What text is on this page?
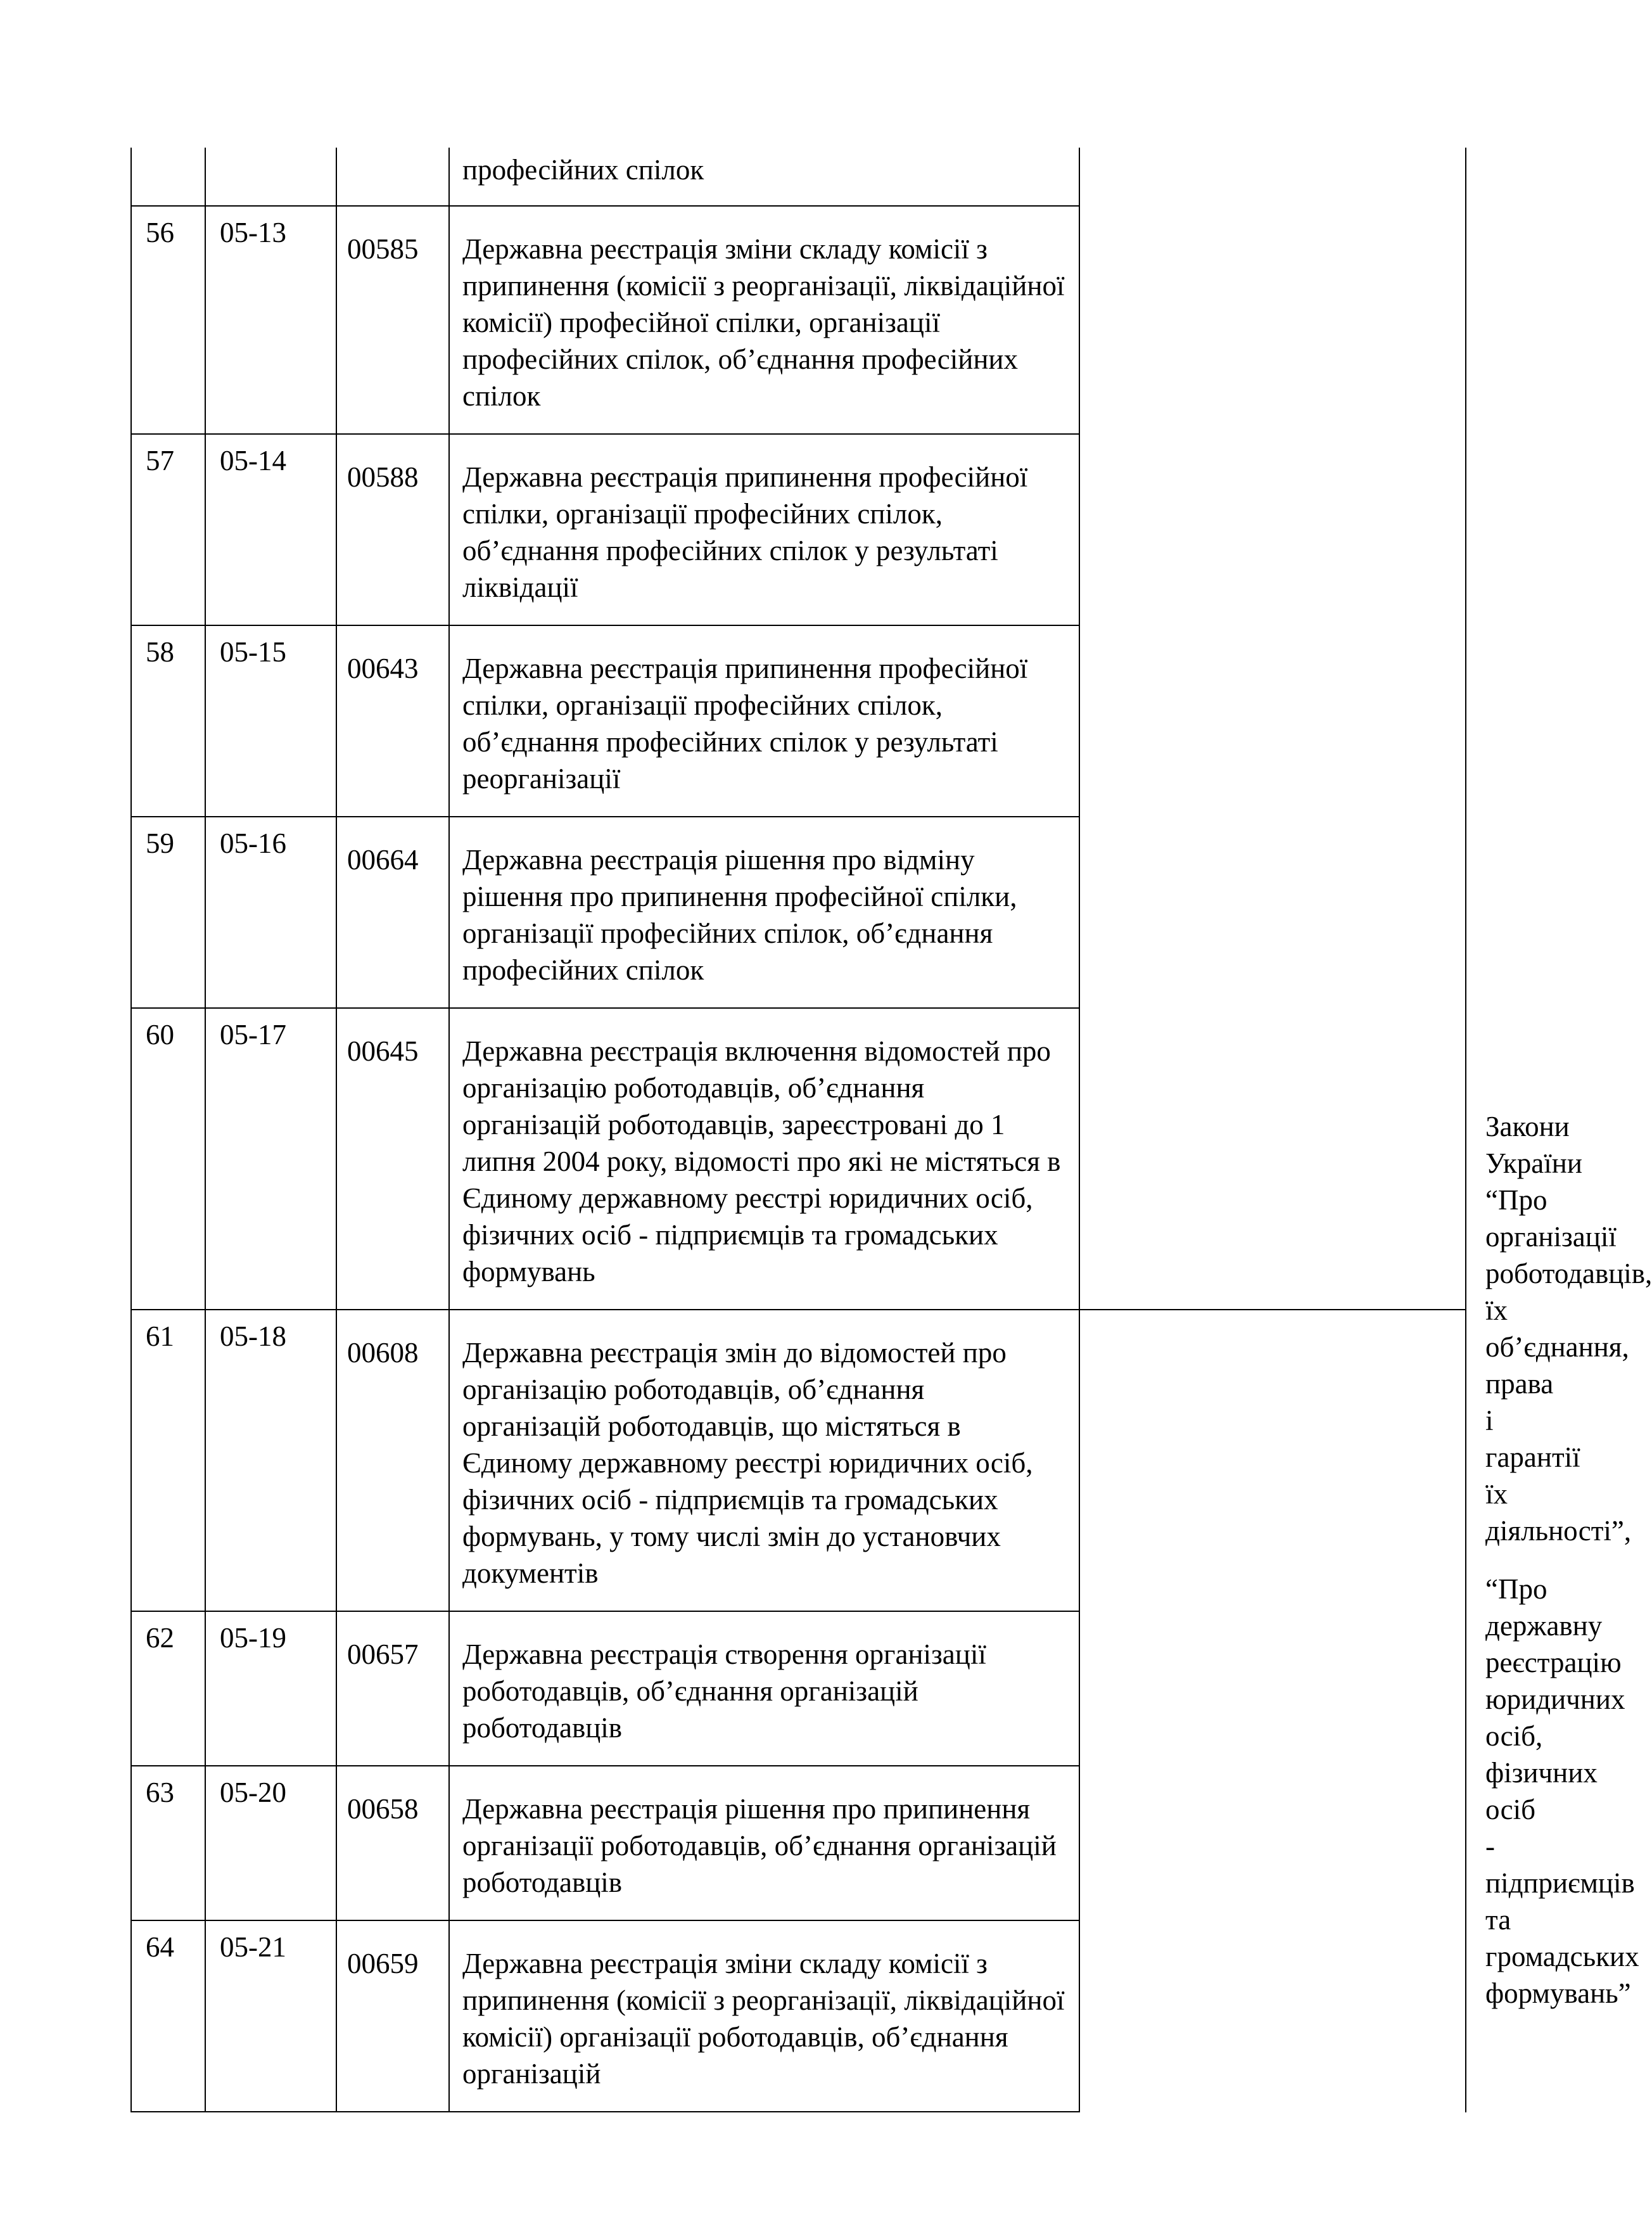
			професійних спілок		
56	05-13	00585	Державна реєстрація зміни складу комісії з припинення (комісії з реорганізації, ліквідаційної комісії) професійної спілки, організації професійних спілок, об’єднання професійних спілок		
57	05-14	00588	Державна реєстрація припинення професійної спілки, організації професійних спілок, об’єднання професійних спілок у результаті ліквідації		
58	05-15	00643	Державна реєстрація припинення професійної спілки, організації професійних спілок, об’єднання професійних спілок у результаті реорганізації		
59	05-16	00664	Державна реєстрація рішення про відміну рішення про припинення професійної спілки, організації професійних спілок, об’єднання професійних спілок		
60	05-17	00645	Державна реєстрація включення відомостей про організацію роботодавців, об’єднання організацій роботодавців, зареєстровані до 1 липня 2004 року, відомості про які не містяться в Єдиному державному реєстрі юридичних осіб, фізичних осіб - підприємців та громадських формувань		Закони України “Про організації роботодавців, їх об’єднання, права і гарантії їх діяльності”,
“Про державну реєстрацію юридичних осіб, фізичних осіб - підприємців та громадських формувань”

61	05-18	00608	Державна реєстрація змін до відомостей про організацію роботодавців, об’єднання організацій роботодавців, що містяться в Єдиному державному реєстрі юридичних осіб, фізичних осіб - підприємців та громадських формувань, у тому числі змін до установчих документів		
62	05-19	00657	Державна реєстрація створення організації роботодавців, об’єднання організацій роботодавців		
63	05-20	00658	Державна реєстрація рішення про припинення організації роботодавців, об’єднання організацій роботодавців		
64	05-21	00659	Державна реєстрація зміни складу комісії з припинення (комісії з реорганізації, ліквідаційної комісії) організації роботодавців, об’єднання організацій		
